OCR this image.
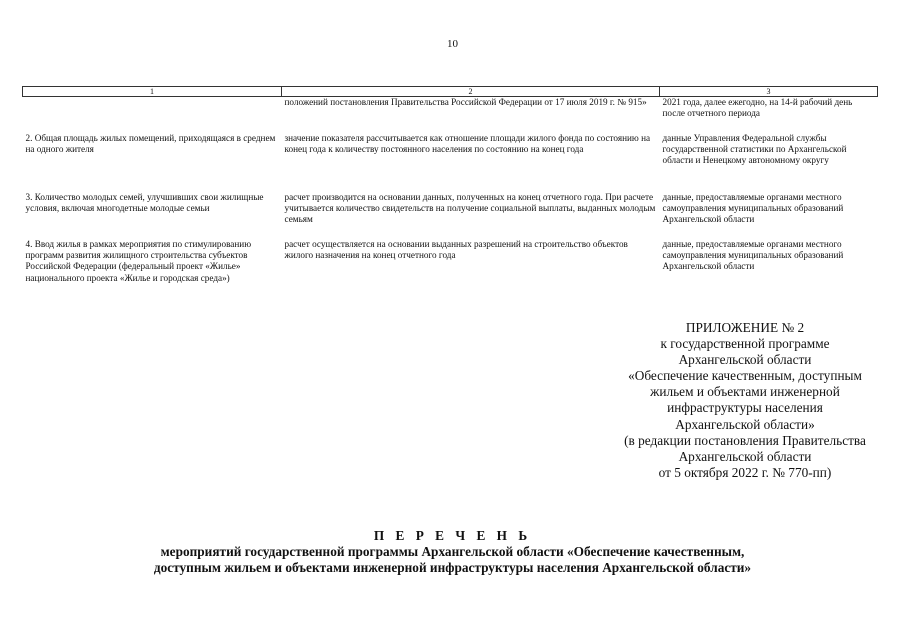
10
1	2	3
	положений постановления Правительства Российской Федерации от 17 июля 2019 г. № 915»	2021 года, далее ежегодно, на 14-й рабочий день после отчетного периода
2. Общая площадь жилых помещений, приходящаяся в среднем на одного жителя	значение показателя рассчитывается как отношение площади жилого фонда по состоянию на конец года к количеству постоянного населения по состоянию на конец года	данные Управления Федеральной службы государственной статистики по Архангельской области и Ненецкому автономному округу
3. Количество молодых семей, улучшивших свои жилищные условия, включая многодетные молодые семьи	расчет производится на основании данных, полученных на конец отчетного года. При расчете учитывается количество свидетельств на получение социальной выплаты, выданных молодым семьям	данные, предоставляемые органами местного самоуправления муниципальных образований Архангельской области
4. Ввод жилья в рамках мероприятия по стимулированию программ развития жилищного строительства субъектов Российской Федерации (федеральный проект «Жилье» национального проекта «Жилье и городская среда»)	расчет осуществляется на основании выданных разрешений на строительство объектов жилого назначения на конец отчетного года	данные, предоставляемые органами местного самоуправления муниципальных образований Архангельской области
ПРИЛОЖЕНИЕ № 2
к государственной программе
Архангельской области
«Обеспечение качественным, доступным
жильем и объектами инженерной
инфраструктуры населения
Архангельской области»
(в редакции постановления Правительства
Архангельской области
от 5 октября 2022 г. № 770-пп)
П Е Р Е Ч Е Н Ь
мероприятий государственной программы Архангельской области «Обеспечение качественным,
доступным жильем и объектами инженерной инфраструктуры населения Архангельской области»
